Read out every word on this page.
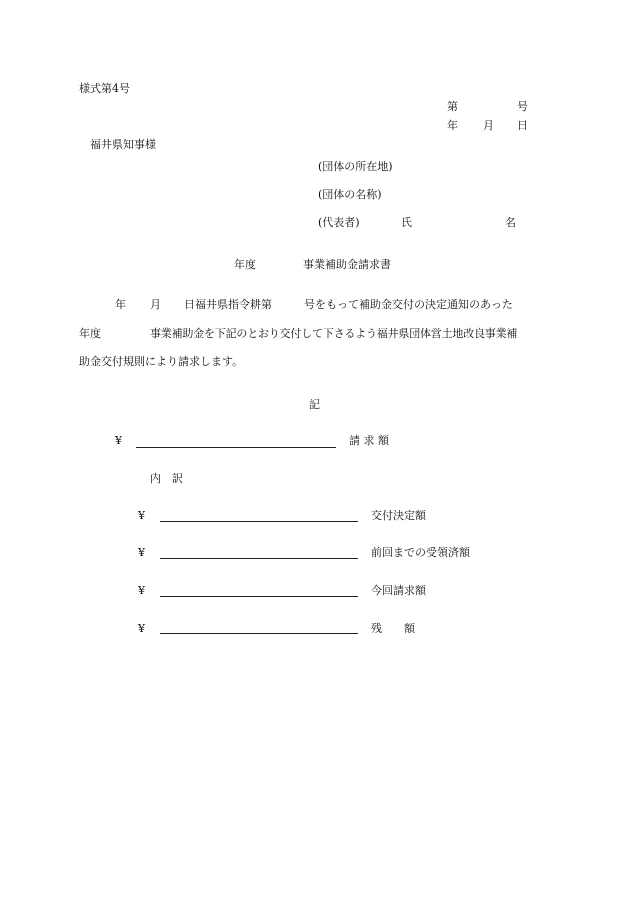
様式第4号
第	号
年 月 日
福井県知事様
(団体の所在地)
(団体の名称)
(代表者)	氏	名
年度	事業補助金請求書
年 月 日福井県指令耕第	号をもって補助金交付の決定通知のあった
年度	事業補助金を下記のとおり交付して下さるよう福井県団体営土地改良事業補
助金交付規則により請求します。
記
¥	請 求 額
内　訳
¥	交付決定額
¥	前回までの受領済額
¥	今回請求額
¥	残　　額
